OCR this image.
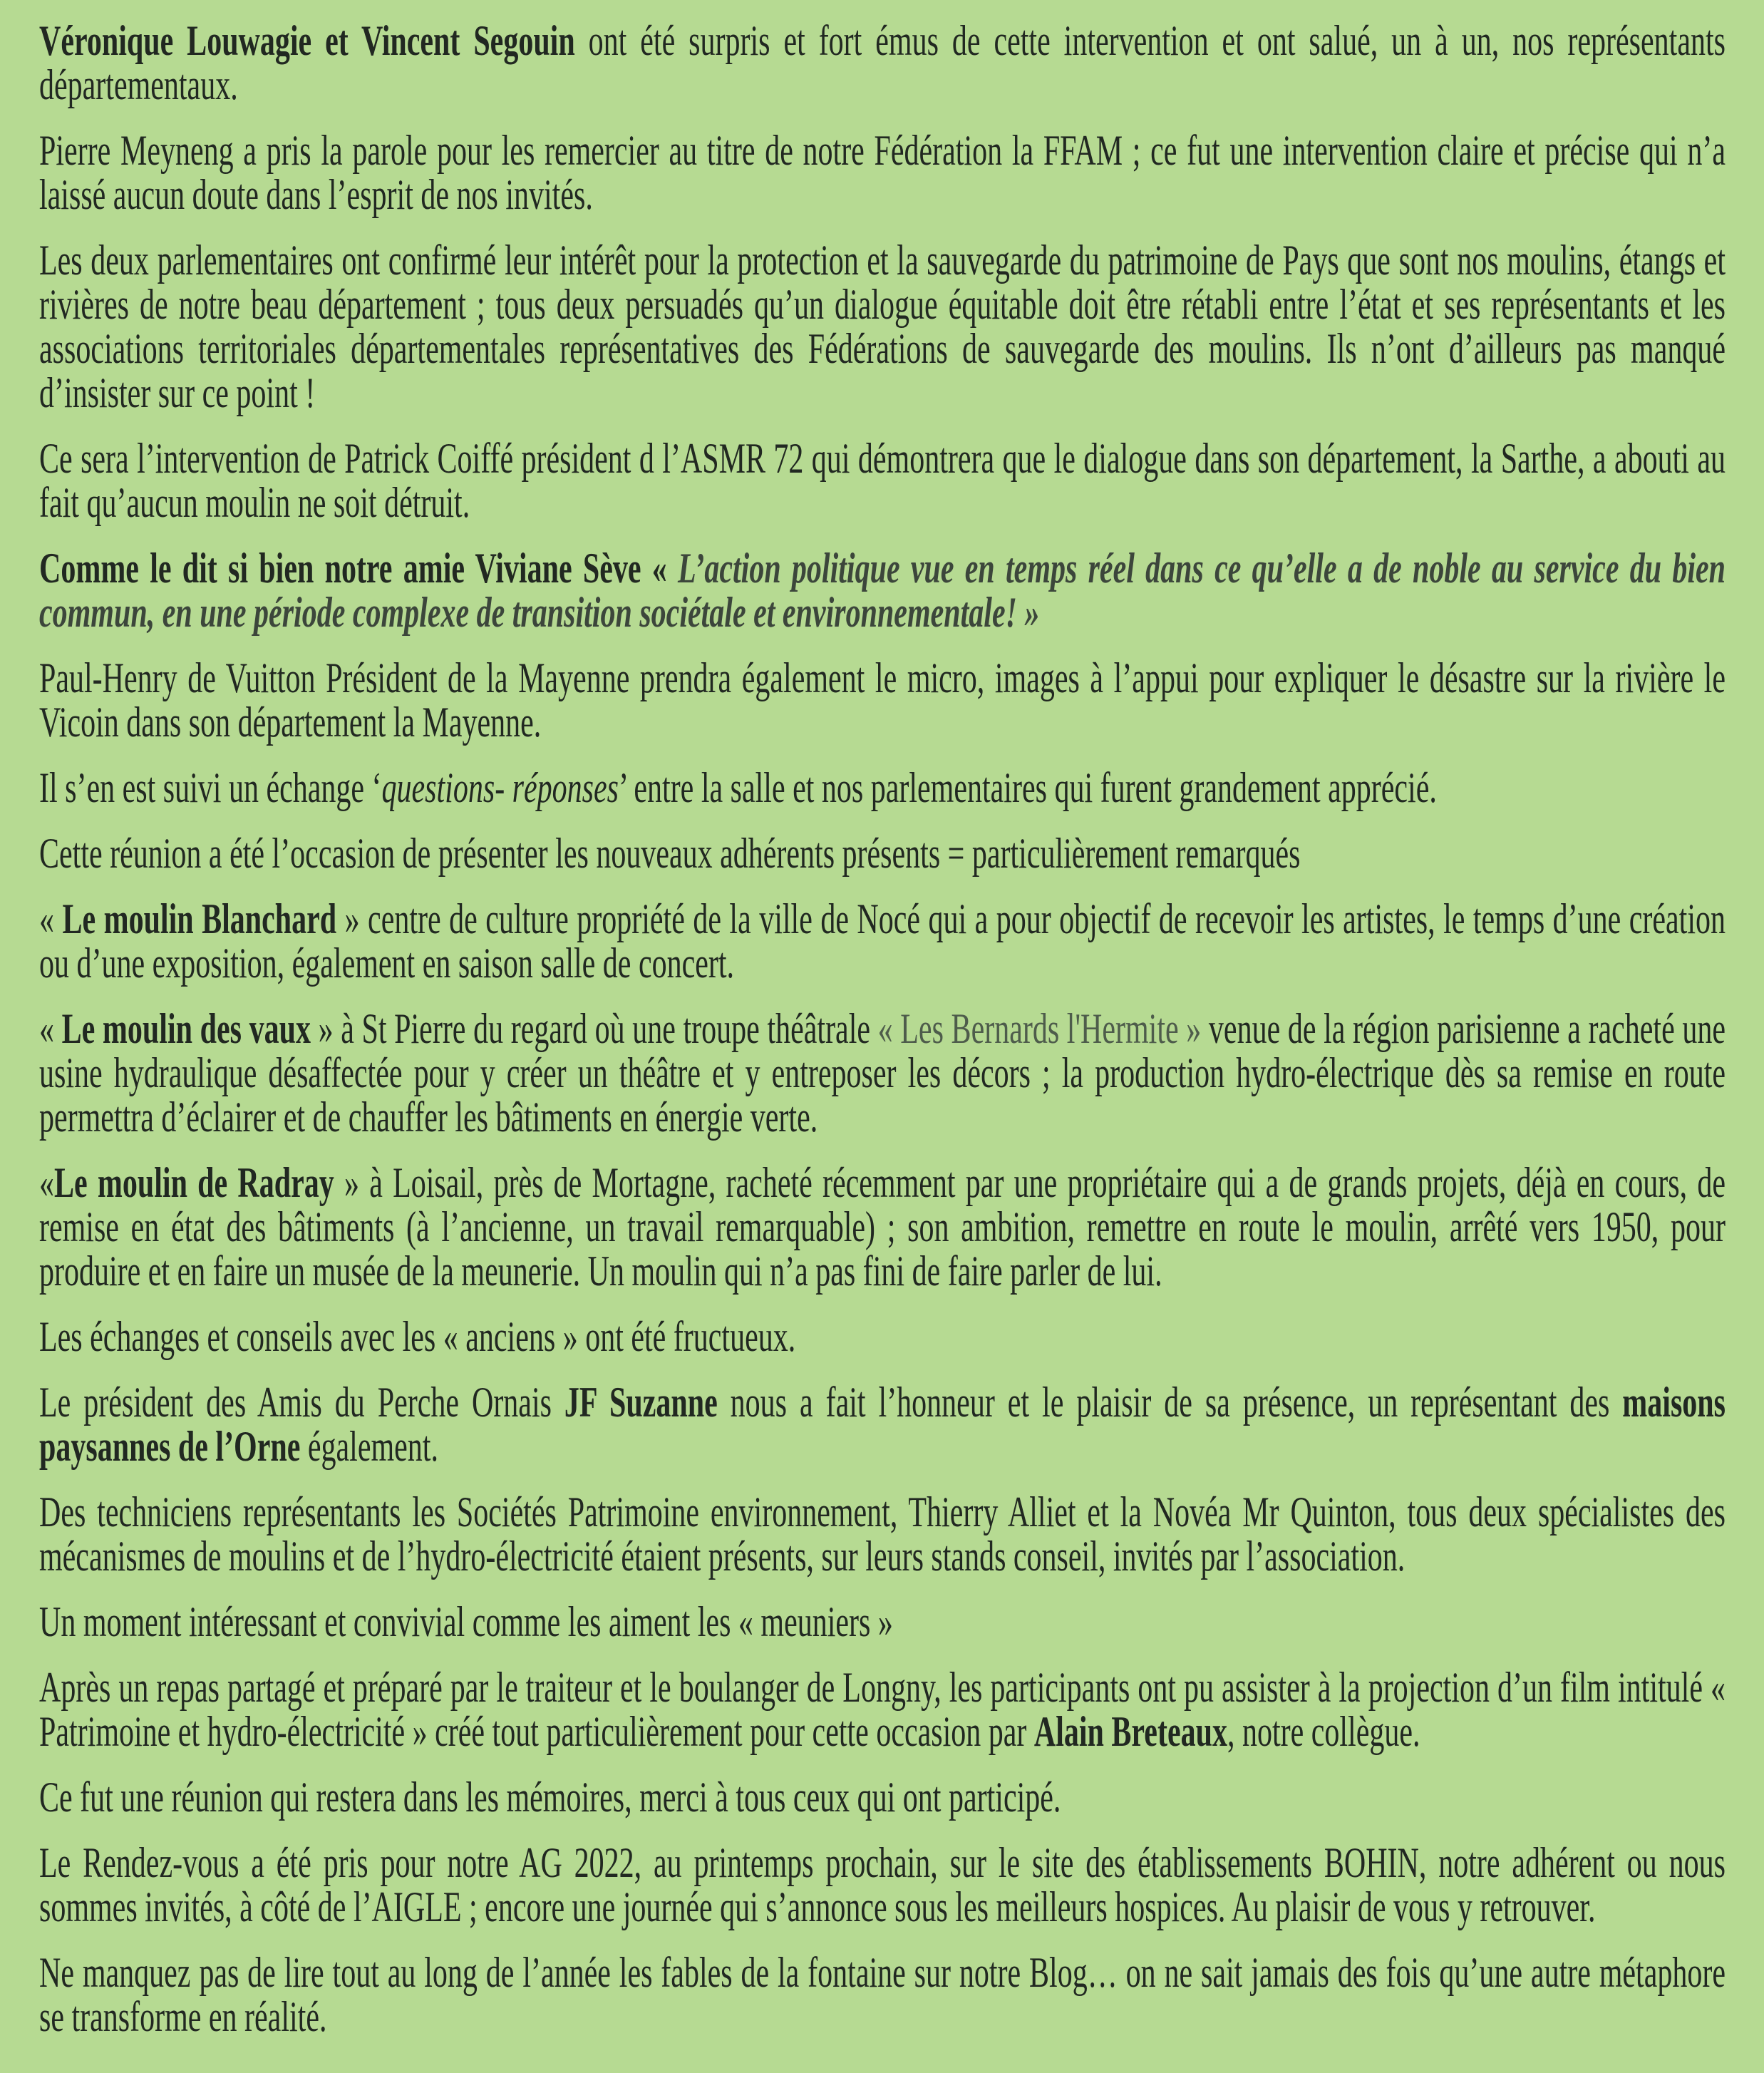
Véronique Louwagie et Vincent Segouin ont été surpris et fort émus de cette intervention et ont salué, un à un, nos représentants départementaux.

Pierre Meyneng a pris la parole pour les remercier au titre de notre Fédération la FFAM ; ce fut une intervention claire et précise qui n’a laissé aucun doute dans l’esprit de nos invités.

Les deux parlementaires ont confirmé leur intérêt pour la protection et la sauvegarde du patrimoine de Pays que sont nos moulins, étangs et rivières de notre beau département ; tous deux persuadés qu’un dialogue équitable doit être rétabli entre l’état et ses représentants et les associations territoriales départementales représentatives des Fédérations de sauvegarde des moulins. Ils n’ont d’ailleurs pas manqué d’insister sur ce point !

Ce sera l’intervention de Patrick Coiffé président d l’ASMR 72 qui démontrera que le dialogue dans son département, la Sarthe, a abouti au fait qu’aucun moulin ne soit détruit.

Comme le dit si bien notre amie Viviane Sève « L’action politique vue en temps réel dans ce qu’elle a de noble au service du bien commun, en une période complexe de transition sociétale et environnementale! »

Paul-Henry de Vuitton Président de la Mayenne prendra également le micro, images à l’appui pour expliquer le désastre sur la rivière le Vicoin dans son département la Mayenne.

Il s’en est suivi un échange ‘questions- réponses’ entre la salle et nos parlementaires qui furent grandement apprécié.

Cette réunion a été l’occasion de présenter les nouveaux adhérents présents = particulièrement remarqués

« Le moulin Blanchard » centre de culture propriété de la ville de Nocé qui a pour objectif de recevoir les artistes, le temps d’une création ou d’une exposition, également en saison salle de concert.

« Le moulin des vaux » à St Pierre du regard où une troupe théâtrale « Les Bernards l'Hermite » venue de la région parisienne a racheté une usine hydraulique désaffectée pour y créer un théâtre et y entreposer les décors ; la production hydro-électrique dès sa remise en route permettra d’éclairer et de chauffer les bâtiments en énergie verte.

«Le moulin de Radray » à Loisail, près de Mortagne, racheté récemment par une propriétaire qui a de grands projets, déjà en cours, de remise en état des bâtiments (à l’ancienne, un travail remarquable) ; son ambition, remettre en route le moulin, arrêté vers 1950, pour produire et en faire un musée de la meunerie. Un moulin qui n’a pas fini de faire parler de lui.

Les échanges et conseils avec les « anciens » ont été fructueux.

Le président des Amis du Perche Ornais JF Suzanne nous a fait l’honneur et le plaisir de sa présence, un représentant des maisons paysannes de l’Orne également.

Des techniciens représentants les Sociétés Patrimoine environnement, Thierry Alliet et la Novéa Mr Quinton, tous deux spécialistes des mécanismes de moulins et de l’hydro-électricité étaient présents, sur leurs stands conseil, invités par l’association.

Un moment intéressant et convivial comme les aiment les « meuniers »

Après un repas partagé et préparé par le traiteur et le boulanger de Longny, les participants ont pu assister à la projection d’un film intitulé « Patrimoine et hydro-électricité » créé tout particulièrement pour cette occasion par Alain Breteaux, notre collègue.

Ce fut une réunion qui restera dans les mémoires, merci à tous ceux qui ont participé.

Le Rendez-vous a été pris pour notre AG 2022, au printemps prochain, sur le site des établissements BOHIN, notre adhérent ou nous sommes invités, à côté de l’AIGLE ; encore une journée qui s’annonce sous les meilleurs hospices. Au plaisir de vous y retrouver.

Ne manquez pas de lire tout au long de l’année les fables de la fontaine sur notre Blog… on ne sait jamais des fois qu’une autre métaphore se transforme en réalité.
